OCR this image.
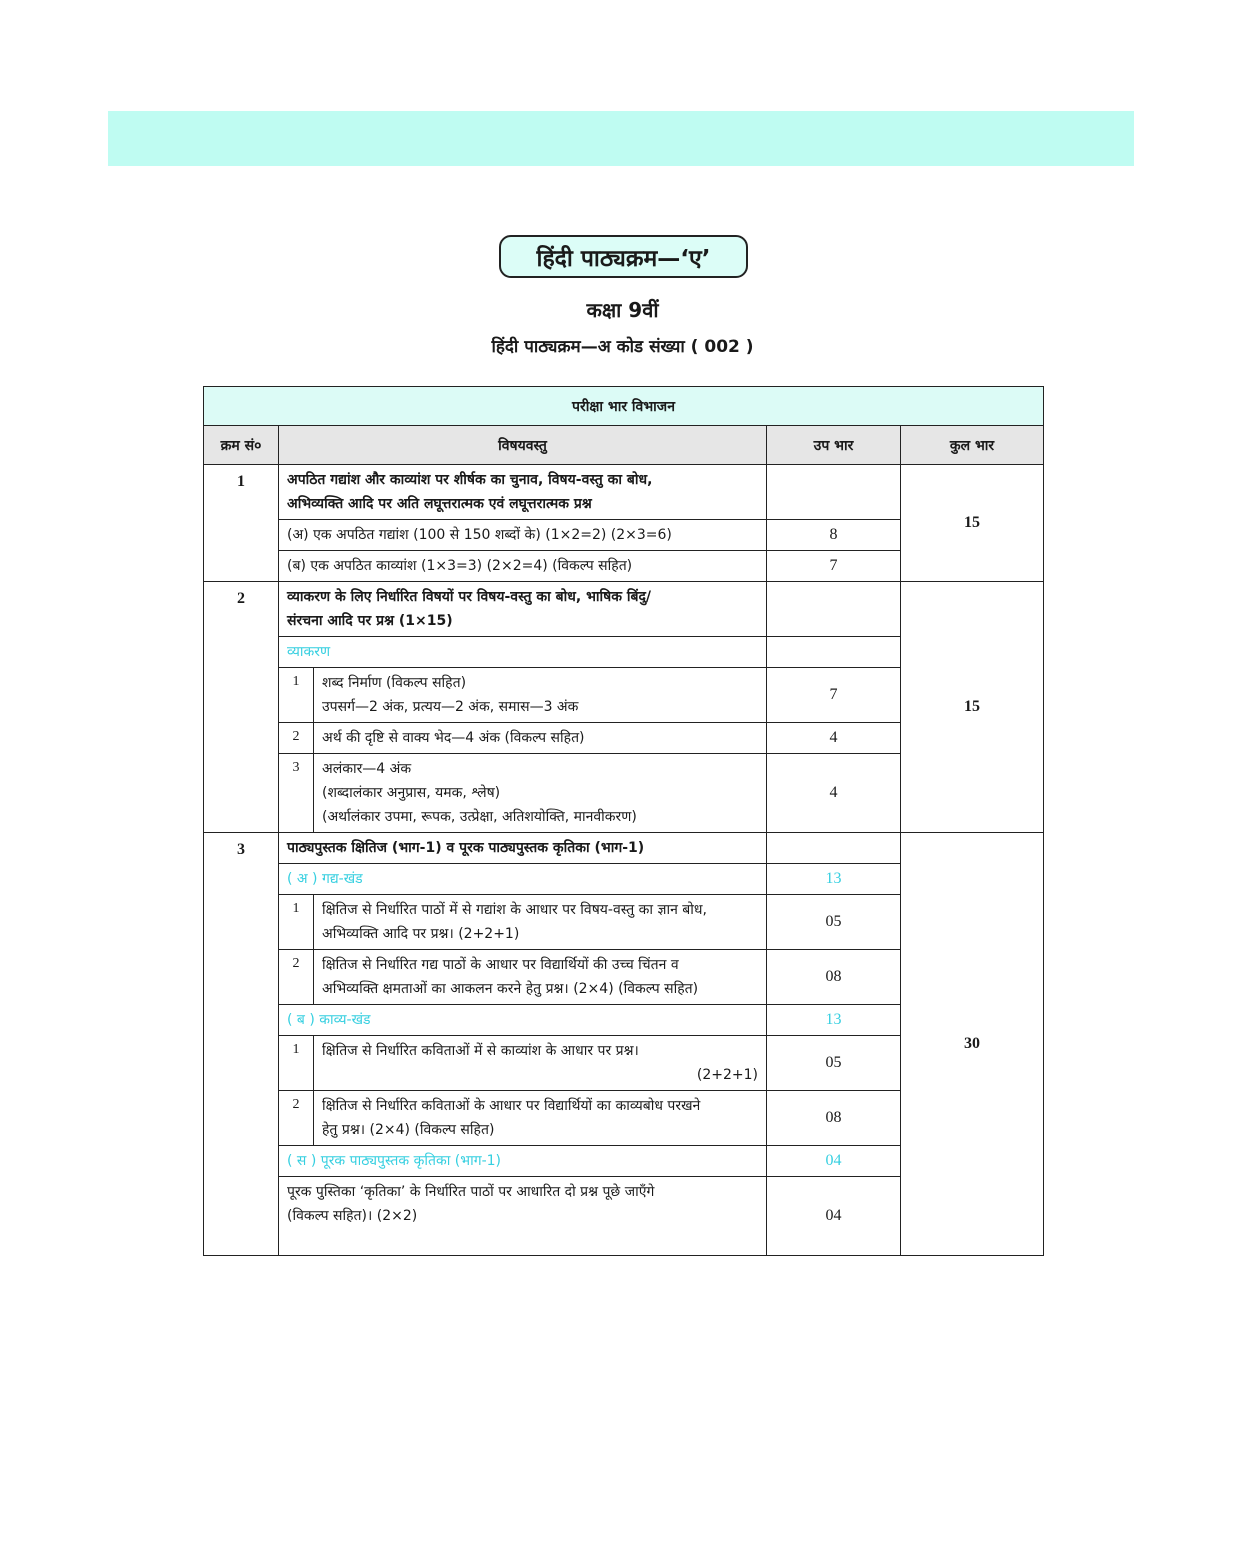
हिंदी पाठ्यक्रम—‘ए’
कक्षा 9वीं
हिंदी पाठ्यक्रम—अ कोड संख्या ( 002 )
परीक्षा भार विभाजन				
क्रम सं०	विषयवस्तु		उप भार	कुल भार
1	अपठित गद्यांश और काव्यांश पर शीर्षक का चुनाव, विषय-वस्तु का बोध,
अभिव्यक्ति आदि पर अति लघूत्तरात्मक एवं लघूत्तरात्मक प्रश्न			15

	(अ) एक अपठित गद्यांश (100 से 150 शब्दों के) (1×2=2) (2×3=6)		8	

	(ब) एक अपठित काव्यांश (1×3=3) (2×2=4) (विकल्प सहित)		7	
2	व्याकरण के लिए निर्धारित विषयों पर विषय-वस्तु का बोध, भाषिक बिंदु/
संरचना आदि पर प्रश्न (1×15)			15

	व्याकरण			

	1	शब्द निर्माण (विकल्प सहित)
उपसर्ग—2 अंक, प्रत्यय—2 अंक, समास—3 अंक	7	
	2	अर्थ की दृष्टि से वाक्य भेद—4 अंक (विकल्प सहित)	4	
	3	अलंकार—4 अंक
(शब्दालंकार अनुप्रास, यमक, श्लेष)
(अर्थालंकार उपमा, रूपक, उत्प्रेक्षा, अतिशयोक्ति, मानवीकरण)	4	
3	पाठ्यपुस्तक क्षितिज (भाग-1) व पूरक पाठ्यपुस्तक कृतिका (भाग-1)			30

	( अ ) गद्य-खंड		13	
	1	क्षितिज से निर्धारित पाठों में से गद्यांश के आधार पर विषय-वस्तु का ज्ञान बोध,
अभिव्यक्ति आदि पर प्रश्न। (2+2+1)	05	
	2	क्षितिज से निर्धारित गद्य पाठों के आधार पर विद्यार्थियों की उच्च चिंतन व
अभिव्यक्ति क्षमताओं का आकलन करने हेतु प्रश्न। (2×4) (विकल्प सहित)	08	

	( ब ) काव्य-खंड		13	
	1	क्षितिज से निर्धारित कविताओं में से काव्यांश के आधार पर प्रश्न।
(2+2+1)	05	
	2	क्षितिज से निर्धारित कविताओं के आधार पर विद्यार्थियों का काव्यबोध परखने
हेतु प्रश्न। (2×4) (विकल्प सहित)	08	

	( स ) पूरक पाठ्यपुस्तक कृतिका (भाग-1)		04	

	पूरक पुस्तिका ‘कृतिका’ के निर्धारित पाठों पर आधारित दो प्रश्न पूछे जाएँगे
(विकल्प सहित)। (2×2)		04	
